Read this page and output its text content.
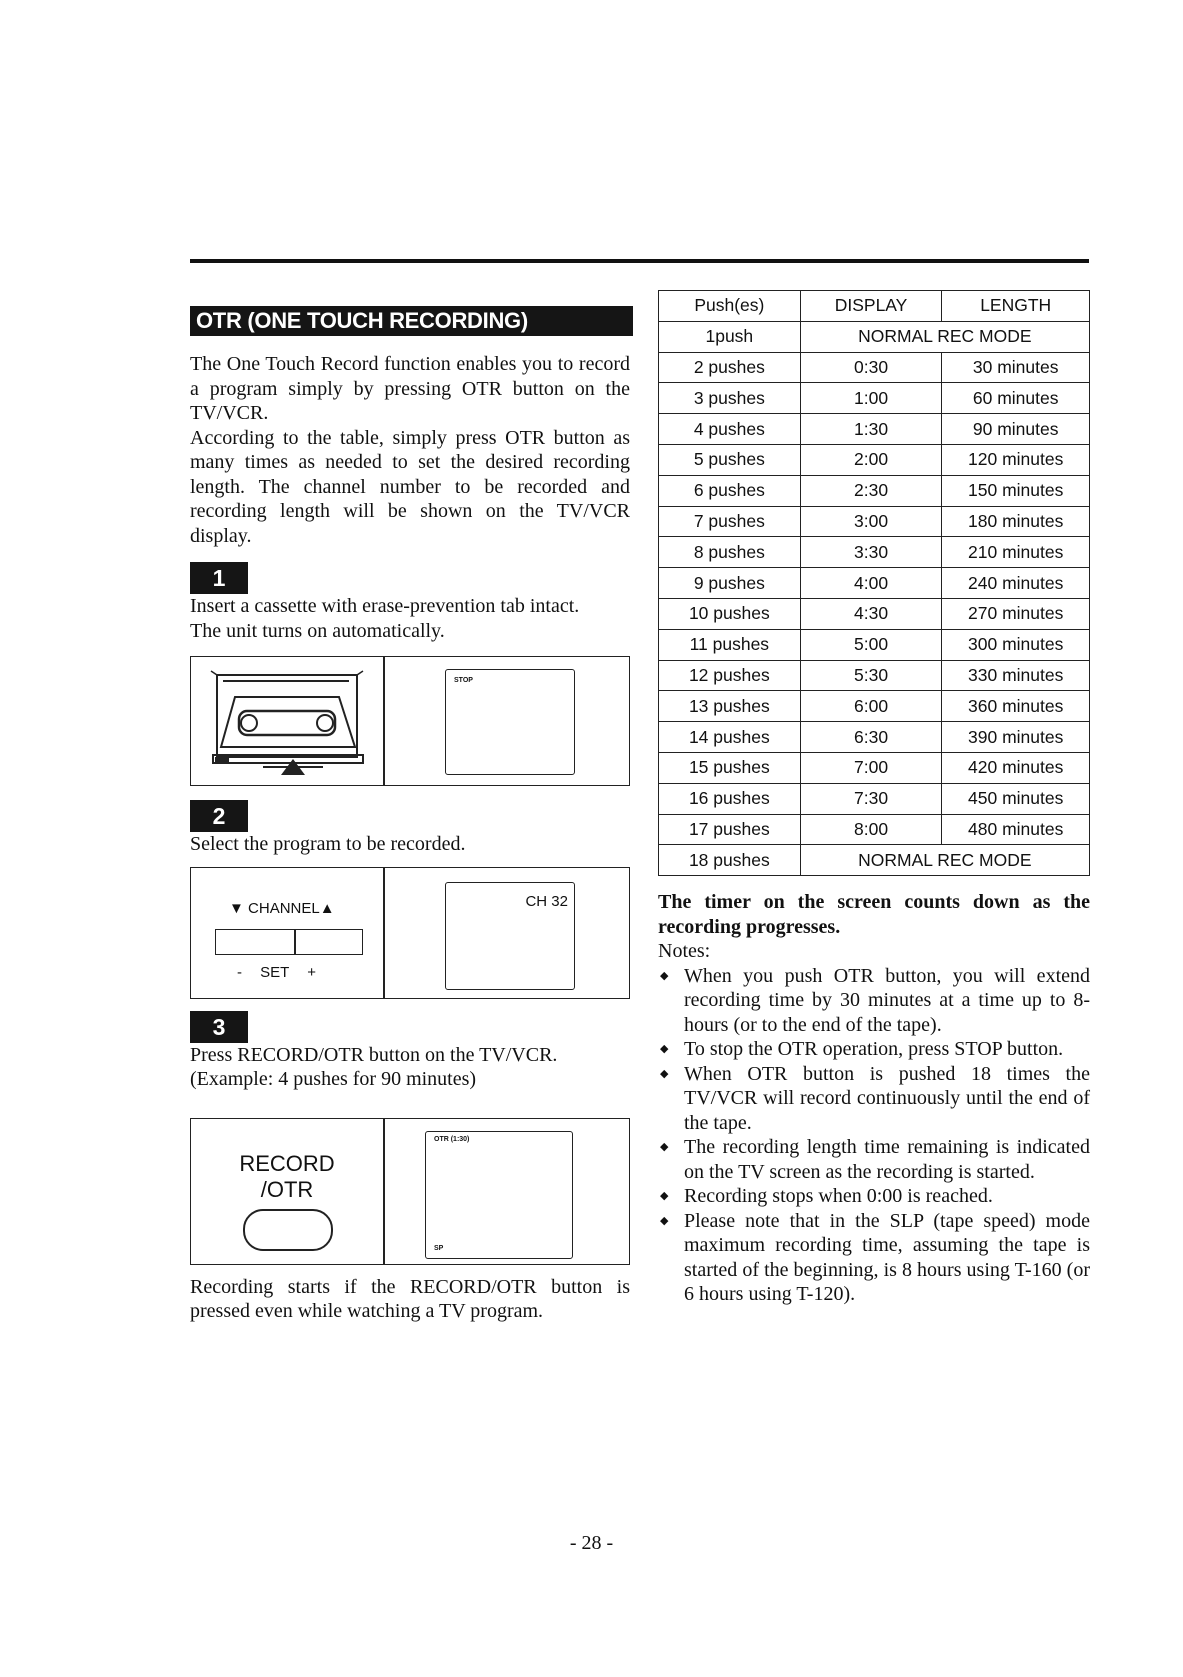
OTR (ONE TOUCH RECORDING)

The One Touch Record function enables you to record a program simply by pressing OTR button on the TV/VCR.

According to the table, simply press OTR button as many times as needed to set the desired recording length. The channel number to be recorded and recording length will be shown on the TV/VCR display.

1

Insert a cassette with erase-prevention tab intact.

The unit turns on automatically.

STOP
2

Select the program to be recorded.

▼ CHANNEL▲
- SET +
CH 32
3

Press RECORD/OTR button on the TV/VCR.

(Example: 4 pushes for 90 minutes)

RECORD
/OTR
OTR (1:30)
SP

Recording starts if the RECORD/OTR button is pressed even while watching a TV program.

Push(es)	DISPLAY	LENGTH
1push	NORMAL REC MODE	
2 pushes	0:30	30 minutes
3 pushes	1:00	60 minutes
4 pushes	1:30	90 minutes
5 pushes	2:00	120 minutes
6 pushes	2:30	150 minutes
7 pushes	3:00	180 minutes
8 pushes	3:30	210 minutes
9 pushes	4:00	240 minutes
10 pushes	4:30	270 minutes
11 pushes	5:00	300 minutes
12 pushes	5:30	330 minutes
13 pushes	6:00	360 minutes
14 pushes	6:30	390 minutes
15 pushes	7:00	420 minutes
16 pushes	7:30	450 minutes
17 pushes	8:00	480 minutes
18 pushes	NORMAL REC MODE	

The timer on the screen counts down as the recording progresses.

Notes:

◆ When you push OTR button, you will extend recording time by 30 minutes at a time up to 8-hours (or to the end of the tape).
◆ To stop the OTR operation, press STOP button.
◆ When OTR button is pushed 18 times the TV/VCR will record continuously until the end of the tape.
◆ The recording length time remaining is indicated on the TV screen as the recording is started.
◆ Recording stops when 0:00 is reached.
◆ Please note that in the SLP (tape speed) mode maximum recording time, assuming the tape is started of the beginning, is 8 hours using T-160 (or 6 hours using T-120).
- 28 -
